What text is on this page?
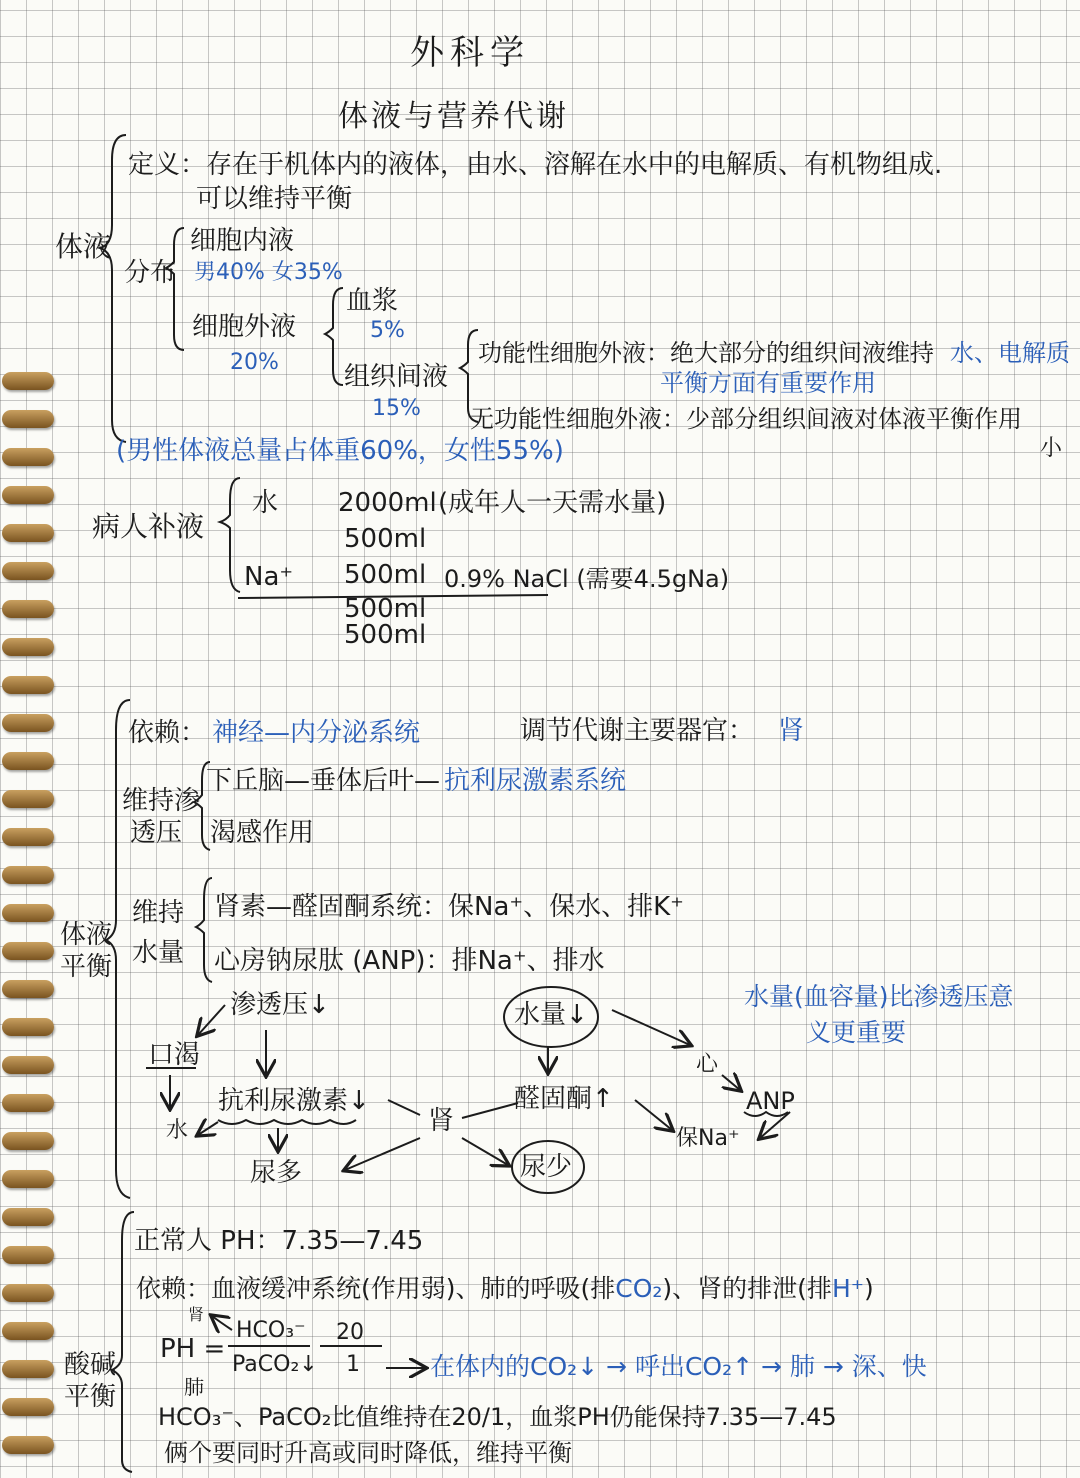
外科学
体液与营养代谢
体液
定义：存在于机体内的液体，由水、溶解在水中的电解质、有机物组成.
可以维持平衡
分布
细胞内液
男40% 女35%
细胞外液
20%
血浆
5%
组织间液
15%
功能性细胞外液：绝大部分的组织间液维持 水、电解质
平衡方面有重要作用
无功能性细胞外液：少部分组织间液对体液平衡作用
小
(男性体液总量占体重60%，女性55%)
病人补液
水 2000ml (成年人一天需水量)
500ml
Na⁺ 500ml 0.9% NaCl (需要4.5gNa)
500ml
500ml
体液
平衡
依赖： 神经—内分泌系统	调节代谢主要器官： 肾
维持渗
透压
下丘脑—垂体后叶— 抗利尿激素系统
渴感作用
维持
水量
肾素—醛固酮系统：保Na⁺、保水、排K⁺
心房钠尿肽 (ANP)：排Na⁺、排水
水量(血容量)比渗透压意
义更重要
渗透压↓
口渴
抗利尿激素↓
水
尿多
肾
水量↓
醛固酮↑
尿少
心
ANP
保Na⁺
酸碱
平衡
正常人 PH：7.35—7.45
依赖：血液缓冲系统(作用弱)、肺的呼吸(排CO₂)、肾的排泄(排H⁺)
肾
PH =
HCO₃⁻
PaCO₂↓
20
1
肺
在体内的CO₂↓ → 呼出CO₂↑ → 肺 → 深、快
HCO₃⁻、PaCO₂比值维持在20/1，血浆PH仍能保持7.35—7.45
俩个要同时升高或同时降低，维持平衡
